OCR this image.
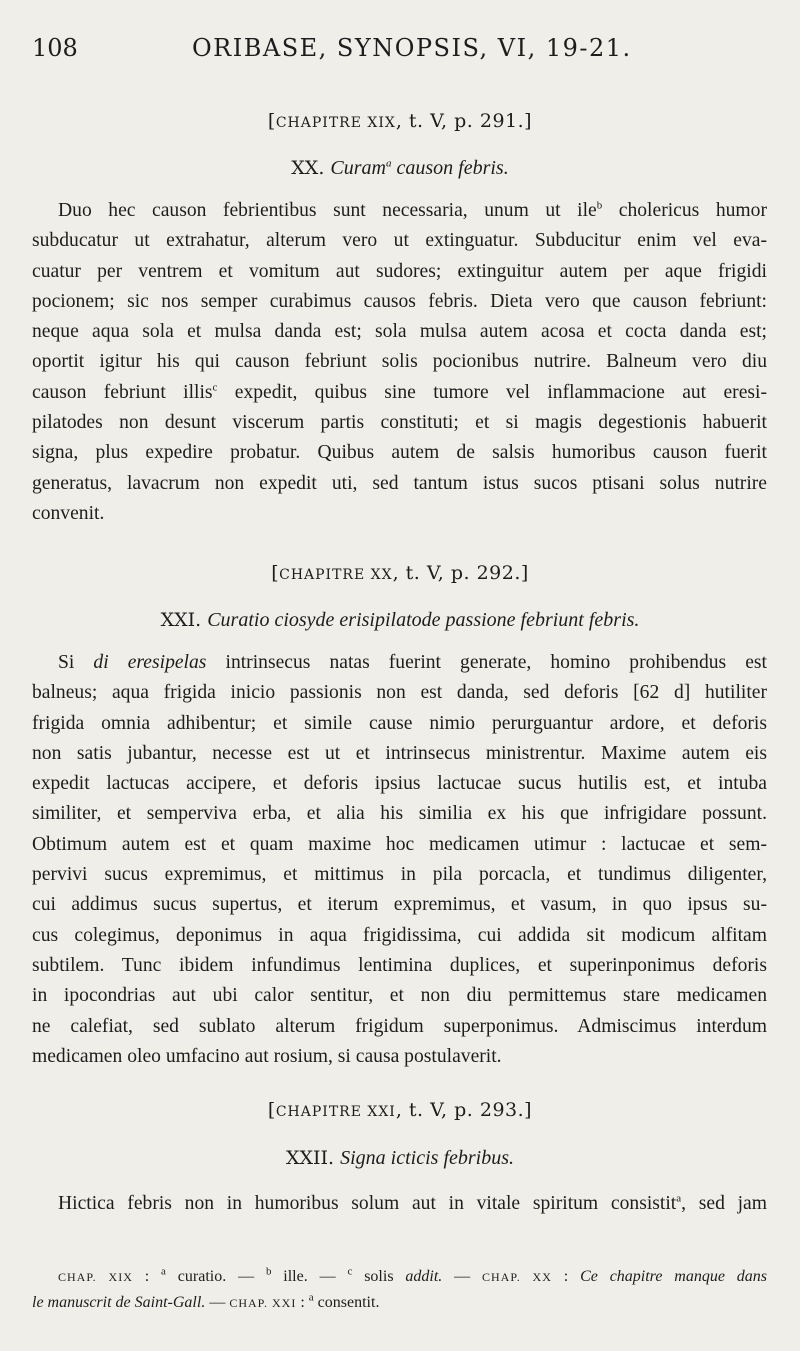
108	ORIBASE, SYNOPSIS, VI, 19-21.
[CHAPITRE XIX, t. V, p. 291.]
XX. Curam$^a$ causon febris.
Duo hec causon febrientibus sunt necessaria, unum ut ile$^b$ cholericus humor
subducatur ut extrahatur, alterum vero ut extinguatur. Subducitur enim vel eva-
cuatur per ventrem et vomitum aut sudores; extinguitur autem per aque frigidi
pocionem; sic nos semper curabimus causos febris. Dieta vero que causon febriunt:
neque aqua sola et mulsa danda est; sola mulsa autem acosa et cocta danda est;
oportit igitur his qui causon febriunt solis pocionibus nutrire. Balneum vero diu
causon febriunt illis$^c$ expedit, quibus sine tumore vel inflammacione aut eresi-
pilatodes non desunt viscerum partis constituti; et si magis degestionis habuerit
signa, plus expedire probatur. Quibus autem de salsis humoribus causon fuerit
generatus, lavacrum non expedit uti, sed tantum istus sucos ptisani solus nutrire
convenit.
[CHAPITRE XX, t. V, p. 292.]
XXI. Curatio ciosyde erisipilatode passione febriunt febris.
Si di eresipelas intrinsecus natas fuerint generate, homino prohibendus est
balneus; aqua frigida inicio passionis non est danda, sed deforis [62 d] hutiliter
frigida omnia adhibentur; et simile cause nimio perurguantur ardore, et deforis
non satis jubantur, necesse est ut et intrinsecus ministrentur. Maxime autem eis
expedit lactucas accipere, et deforis ipsius lactucae sucus hutilis est, et intuba
similiter, et semperviva erba, et alia his similia ex his que infrigidare possunt.
Obtimum autem est et quam maxime hoc medicamen utimur : lactucae et sem-
pervivi sucus expremimus, et mittimus in pila porcacla, et tundimus diligenter,
cui addimus sucus supertus, et iterum expremimus, et vasum, in quo ipsus su-
cus colegimus, deponimus in aqua frigidissima, cui addida sit modicum alfitam
subtilem. Tunc ibidem infundimus lentimina duplices, et superinponimus deforis
in ipocondrias aut ubi calor sentitur, et non diu permittemus stare medicamen
ne calefiat, sed sublato alterum frigidum superponimus. Admiscimus interdum
medicamen oleo umfacino aut rosium, si causa postulaverit.
[CHAPITRE XXI, t. V, p. 293.]
XXII. Signa icticis febribus.
Hictica febris non in humoribus solum aut in vitale spiritum consistit$^a$, sed jam
CHAP. XIX : $^a$ curatio. — $^b$ ille. — $^c$ solis addit. — CHAP. XX : Ce chapitre manque dans
le manuscrit de Saint-Gall. — CHAP. XXI : $^a$ consentit.
